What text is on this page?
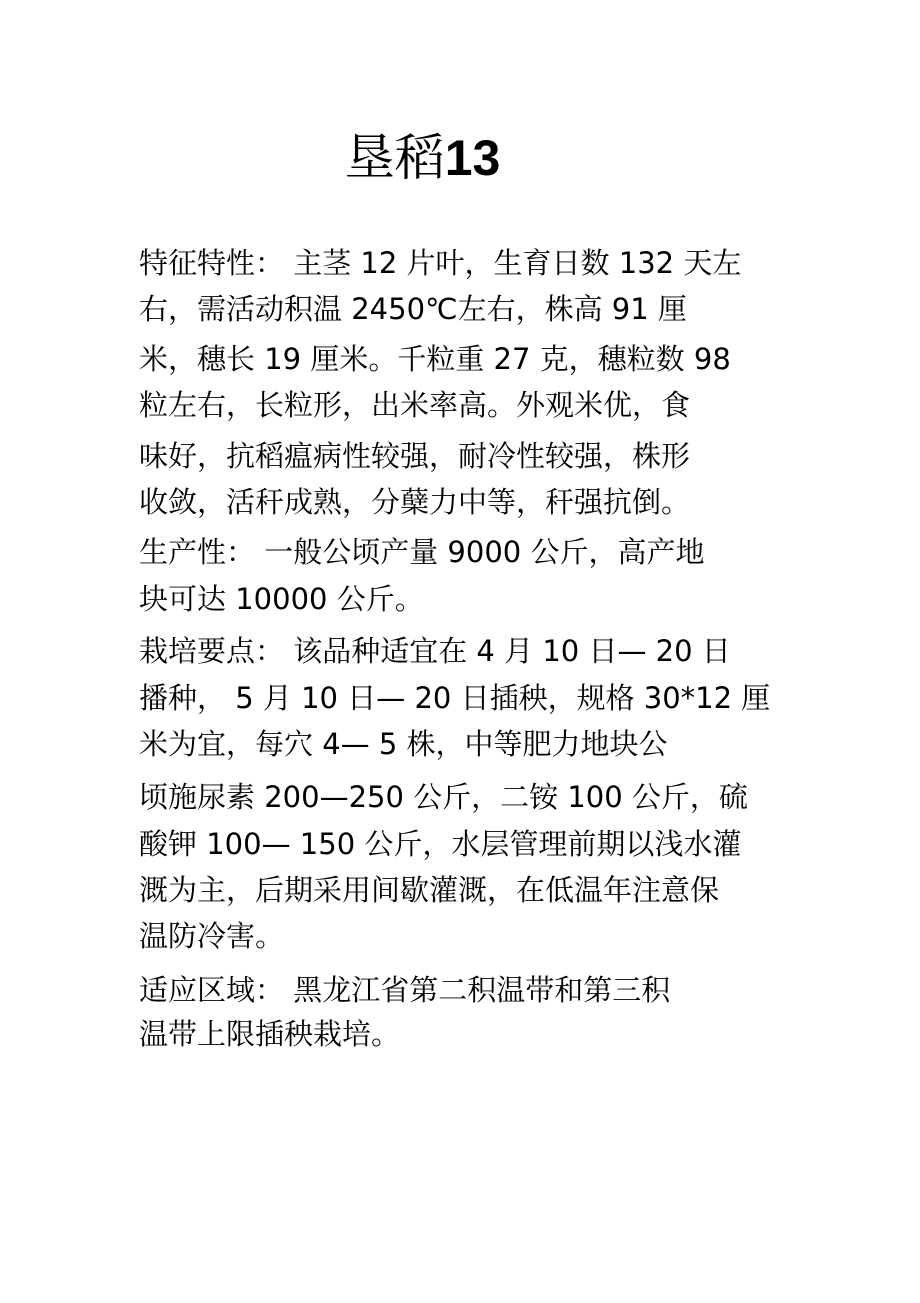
垦稻13
特征特性： 主茎 12 片叶，生育日数 132 天左
右，需活动积温 2450℃左右，株高 91 厘
米，穗长 19 厘米。千粒重 27 克，穗粒数 98
粒左右，长粒形，出米率高。外观米优，食
味好，抗稻瘟病性较强，耐冷性较强，株形
收敛，活秆成熟，分蘖力中等，秆强抗倒。
生产性： 一般公顷产量 9000 公斤，高产地
块可达 10000 公斤。
栽培要点： 该品种适宜在 4 月 10 日— 20 日
播种， 5 月 10 日— 20 日插秧，规格 30*12 厘
米为宜，每穴 4— 5 株，中等肥力地块公
顷施尿素 200—250 公斤，二铵 100 公斤，硫
酸钾 100— 150 公斤，水层管理前期以浅水灌
溉为主，后期采用间歇灌溉，在低温年注意保
温防冷害。
适应区域： 黑龙江省第二积温带和第三积
温带上限插秧栽培。
